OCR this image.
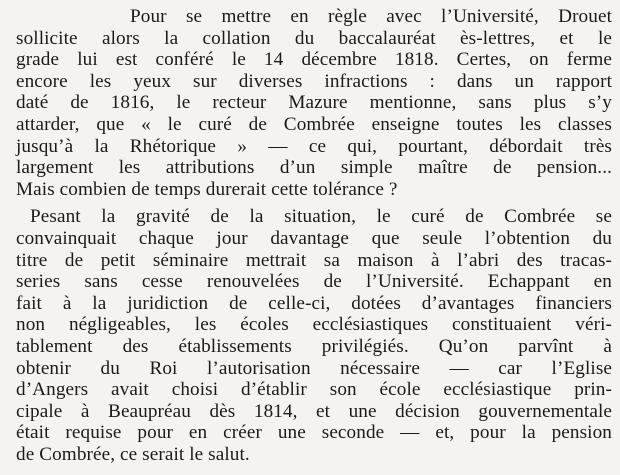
Pour se mettre en règle avec l’Université, Drouet
sollicite alors la collation du baccalauréat ès-lettres, et le
grade lui est conféré le 14 décembre 1818. Certes, on ferme
encore les yeux sur diverses infractions : dans un rapport
daté de 1816, le recteur Mazure mentionne, sans plus s’y
attarder, que « le curé de Combrée enseigne toutes les classes
jusqu’à la Rhétorique » — ce qui, pourtant, débordait très
largement les attributions d’un simple maître de pension...
Mais combien de temps durerait cette tolérance ?
Pesant la gravité de la situation, le curé de Combrée se
convainquait chaque jour davantage que seule l’obtention du
titre de petit séminaire mettrait sa maison à l’abri des tracas-
series sans cesse renouvelées de l’Université. Echappant en
fait à la juridiction de celle-ci, dotées d’avantages financiers
non négligeables, les écoles ecclésiastiques constituaient véri-
tablement des établissements privilégiés. Qu’on parvînt à
obtenir du Roi l’autorisation nécessaire — car l’Eglise
d’Angers avait choisi d’établir son école ecclésiastique prin-
cipale à Beaupréau dès 1814, et une décision gouvernementale
était requise pour en créer une seconde — et, pour la pension
de Combrée, ce serait le salut.
